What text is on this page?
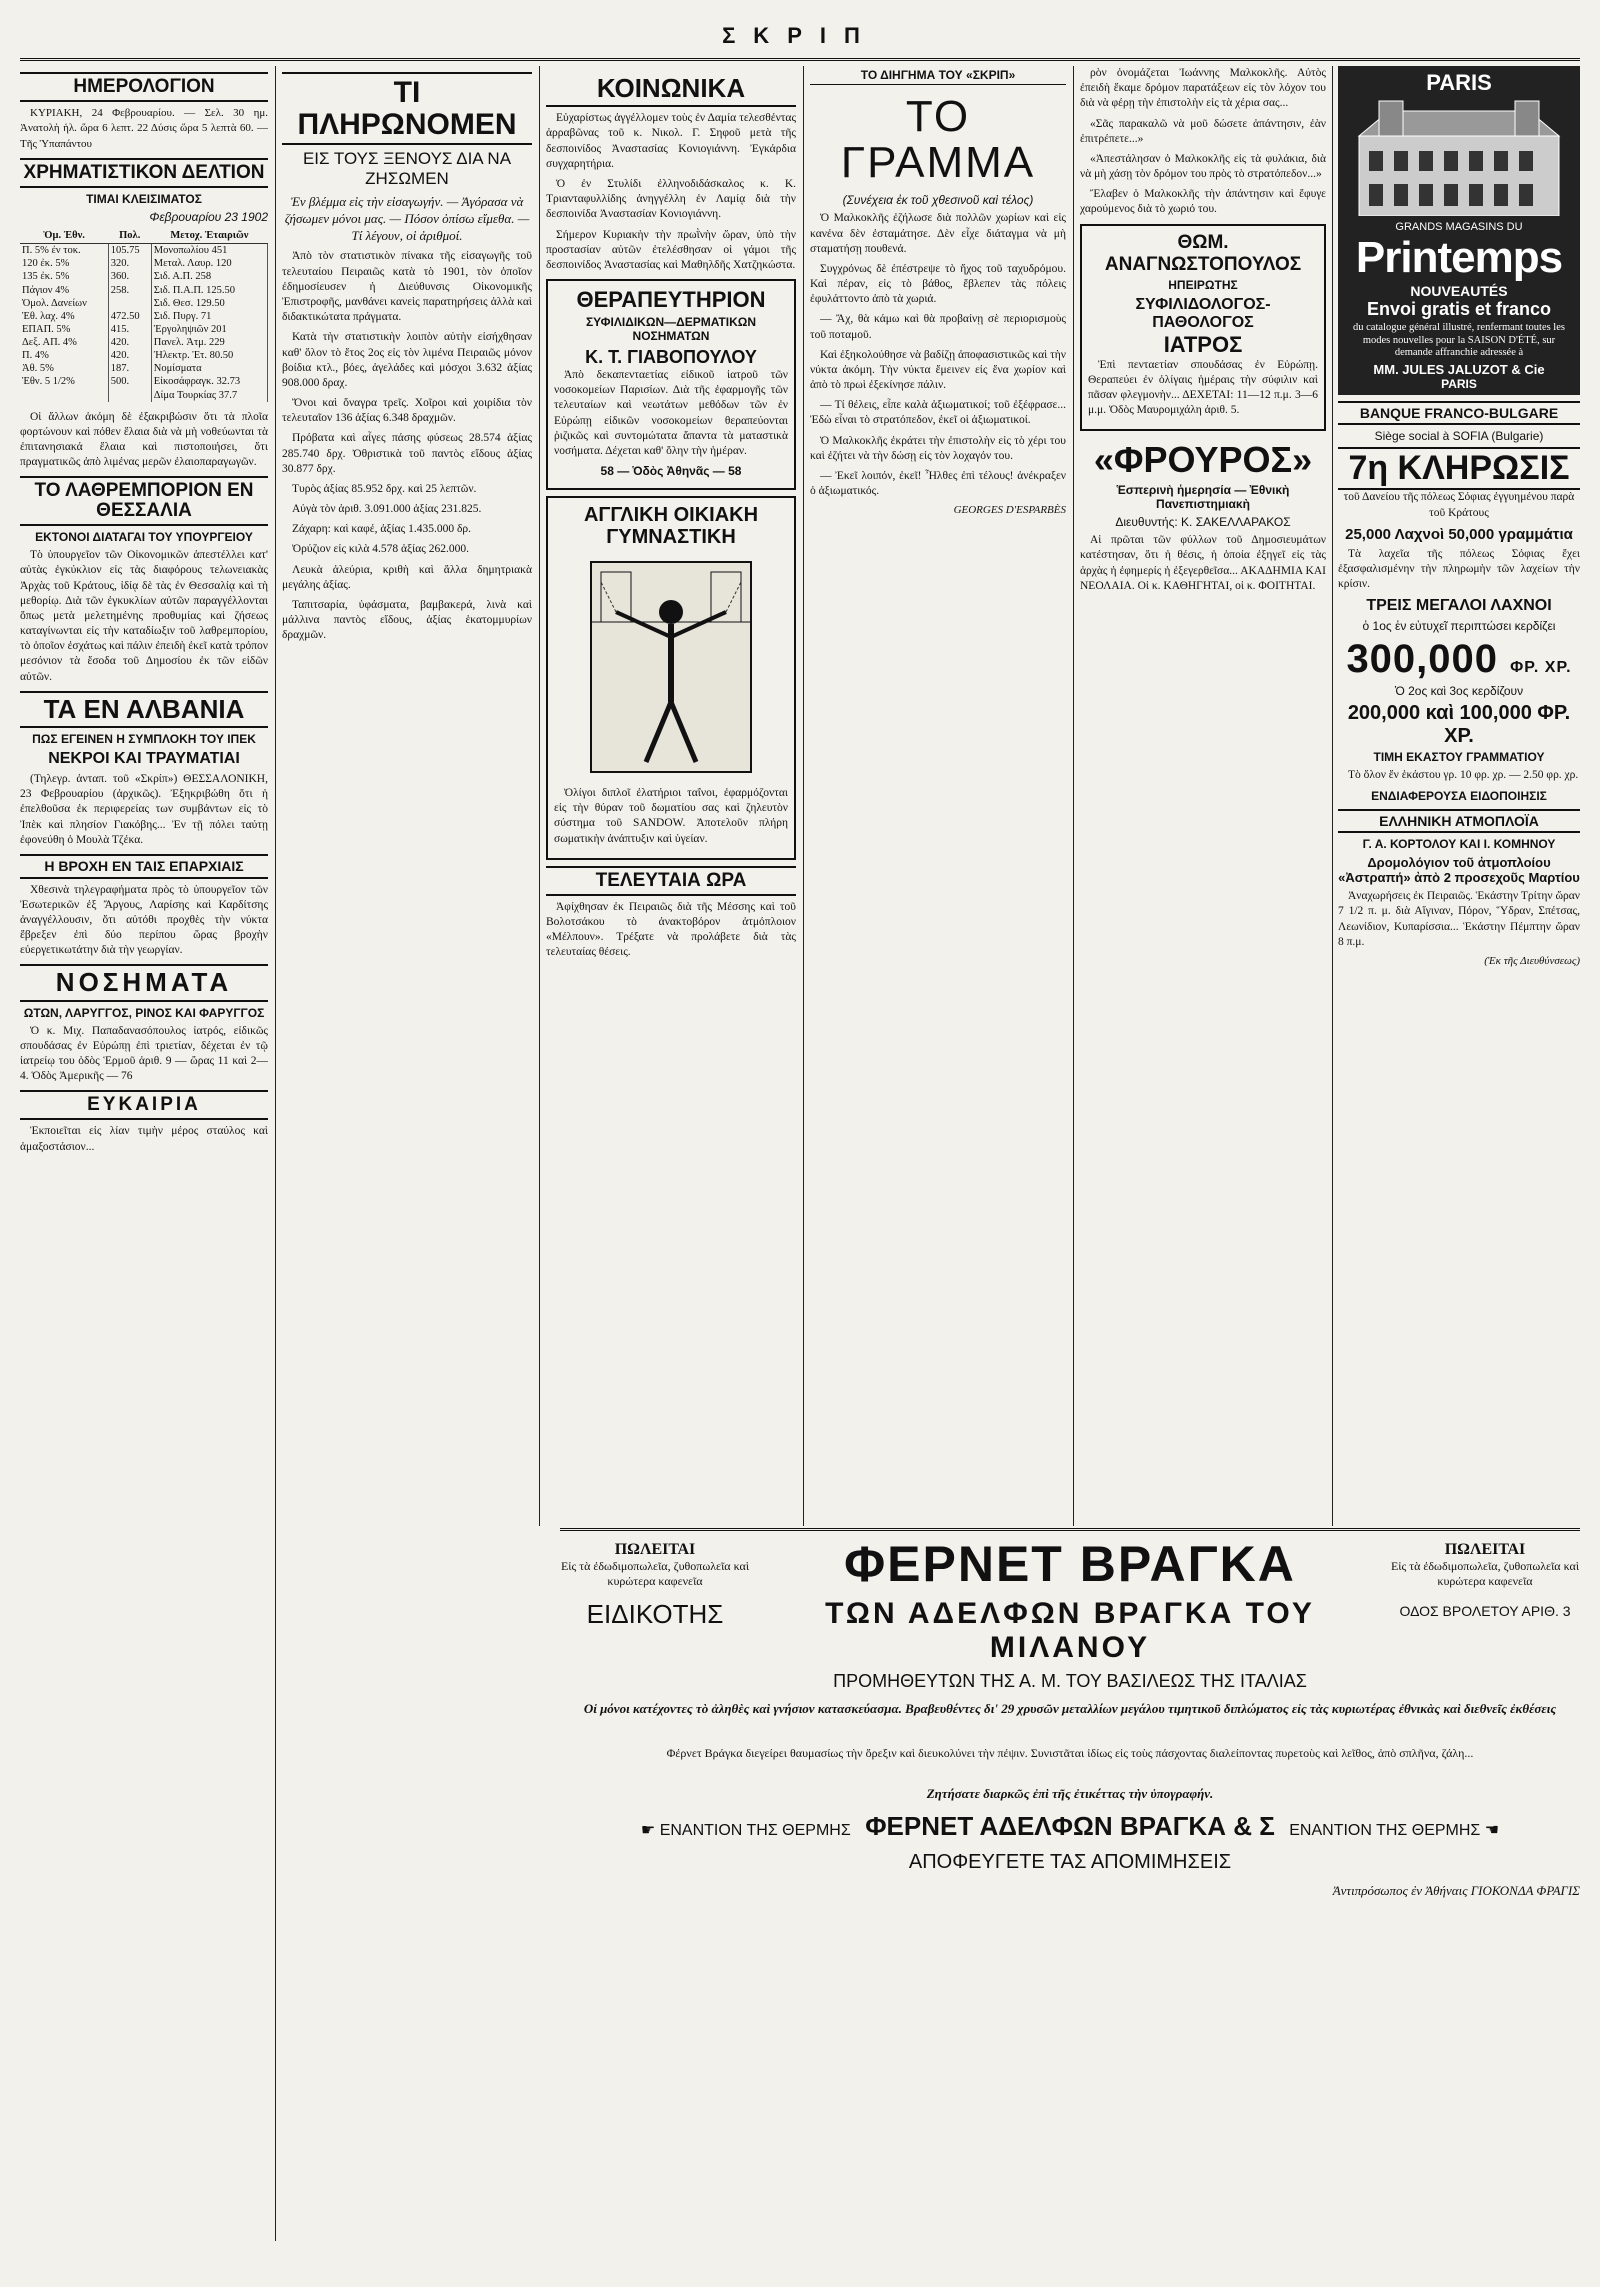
ΣΚΡΙΠ
ΗΜΕΡΟΛΟΓΙΟΝ

ΚΥΡΙΑΚΗ, 24 Φεβρουαρίου. — Σελ. 30 ημ. Ἀνατολὴ ἡλ. ὥρα 6 λεπτ. 22 Δύσις ὥρα 5 λεπτὰ 60. — Τῆς Ὑπαπάντου

ΧΡΗΜΑΤΙΣΤΙΚΟΝ ΔΕΛΤΙΟΝ
ΤΙΜΑΙ ΚΛΕΙΣΙΜΑΤΟΣ
Φεβρουαρίου 23 1902
Ὁμ. Ἐθν.	Πολ.	Μετοχ. Ἑταιριῶν
Π. 5% ἐν τοκ.	105.75	Μονοπωλίου 451
120 ἐκ. 5%	320.	Μεταλ. Λαυρ. 120
135 ἐκ. 5%	360.	Σιδ. Α.Π. 258
Πάγιον 4%	258.	Σιδ. Π.Α.Π. 125.50
Ὁμολ. Δανείων		Σιδ. Θεσ. 129.50
Ἐθ. λαχ. 4%	472.50	Σιδ. Πυργ. 71
ΕΠΑΠ. 5%	415.	Ἐργοληψιῶν 201
Δεξ. ΑΠ. 4%	420.	Πανελ. Ἀτμ. 229
Π. 4%	420.	Ἠλεκτρ. Ἑτ. 80.50
Ἀθ. 5%	187.	Νομίσματα
Ἐθν. 5 1/2%	500.	Εἰκοσάφραγκ. 32.73
		Δίμα Τουρκίας 37.7

Οἱ ἄλλων ἀκόμη δὲ ἐξακριβώσιν ὅτι τὰ πλοῖα φορτώνουν καὶ πόθεν ἔλαια διὰ νὰ μὴ νοθεύωνται τὰ ἐπιτανησιακά ἔλαια καὶ πιστοποιήσει, ὅτι πραγματικῶς ἀπὸ λιμένας μερῶν ἐλαιοπαραγωγῶν.

ΤΟ ΛΑΘΡΕΜΠΟΡΙΟΝ ΕΝ ΘΕΣΣΑΛΙΑ
ΕΚΤΟΝΟΙ ΔΙΑΤΑΓΑΙ ΤΟΥ ΥΠΟΥΡΓΕΙΟΥ

Τὸ ὑπουργεῖον τῶν Οἰκονομικῶν ἀπεστέλλει κατ' αὐτὰς ἐγκύκλιον εἰς τὰς διαφόρους τελωνειακὰς Ἀρχὰς τοῦ Κράτους, ἰδίᾳ δὲ τὰς ἐν Θεσσαλίᾳ καὶ τὴ μεθορίῳ. Διὰ τῶν ἐγκυκλίων αὐτῶν παραγγέλλονται ὅπως μετὰ μελετημένης προθυμίας καὶ ζήσεως καταγίνωνται εἰς τὴν καταδίωξιν τοῦ λαθρεμπορίου, τὸ ὁποῖον ἐσχάτως καὶ πάλιν ἐπειδὴ ἐκεῖ κατὰ τρόπον μεσόνιον τὰ ἔσοδα τοῦ Δημοσίου ἐκ τῶν εἰδῶν αὐτῶν.

ΤΑ ΕΝ ΑΛΒΑΝΙΑ
ΠΩΣ ΕΓΕΙΝΕΝ Η ΣΥΜΠΛΟΚΗ ΤΟΥ ΙΠΕΚ
ΝΕΚΡΟΙ ΚΑΙ ΤΡΑΥΜΑΤΙΑΙ

(Τηλεγρ. ἀνταπ. τοῦ «Σκρίπ») ΘΕΣΣΑΛΟΝΙΚΗ, 23 Φεβρουαρίου (ἀρχικῶς). Ἐξηκριβώθη ὅτι ἡ ἐπελθοῦσα ἐκ περιφερείας των συμβάντων εἰς τὸ Ἰπὲκ καὶ πλησίον Γιακόβης... Ἐν τῇ πόλει ταύτῃ ἐφονεύθη ὁ Μουλὰ Τζέκα.

Η ΒΡΟΧΗ ΕΝ ΤΑΙΣ ΕΠΑΡΧΙΑΙΣ

Χθεσινὰ τηλεγραφήματα πρὸς τὸ ὑπουργεῖον τῶν Ἐσωτερικῶν ἐξ Ἄργους, Λαρίσης καὶ Καρδίτσης ἀναγγέλλουσιν, ὅτι αὐτόθι προχθὲς τὴν νύκτα ἔβρεξεν ἐπὶ δύο περίπου ὥρας βροχὴν εὐεργετικωτάτην διὰ τὴν γεωργίαν.

ΝΟΣΗΜΑΤΑ
ΩΤΩΝ, ΛΑΡΥΓΓΟΣ, ΡΙΝΟΣ ΚΑΙ ΦΑΡΥΓΓΟΣ

Ὁ κ. Μιχ. Παπαδανασόπουλος ἰατρός, εἰδικῶς σπουδάσας ἐν Εὐρώπῃ ἐπὶ τριετίαν, δέχεται ἐν τῷ ἰατρείῳ του ὁδὸς Ἑρμοῦ ἀριθ. 9 — ὥρας 11 καὶ 2—4. Ὁδὸς Ἀμερικῆς — 76

ΕΥΚΑΙΡΙΑ

Ἐκποιεῖται εἰς λίαν τιμὴν μέρος σταύλος καὶ ἀμαξοστάσιον...

ΤΙ ΠΛΗΡΩΝΟΜΕΝ
ΕΙΣ ΤΟΥΣ ΞΕΝΟΥΣ ΔΙΑ ΝΑ ΖΗΣΩΜΕΝ

Ἐν βλέμμα εἰς τὴν εἰσαγωγήν. — Ἀγόρασα νὰ ζήσωμεν μόνοι μας. — Πόσον ὀπίσω εἴμεθα. — Τί λέγουν, οἱ ἀριθμοί.

Ἀπὸ τὸν στατιστικὸν πίνακα τῆς εἰσαγωγῆς τοῦ τελευταίου Πειραιῶς κατὰ τὸ 1901, τὸν ὁποῖον ἐδημοσίευσεν ἡ Διεύθυνσις Οἰκονομικῆς Ἐπιστροφῆς, μανθάνει κανεὶς παρατηρήσεις ἀλλὰ καὶ διδακτικώτατα πράγματα.

Κατὰ τὴν στατιστικὴν λοιπὸν αὐτὴν εἰσήχθησαν καθ' ὅλον τὸ ἔτος 2ος εἰς τὸν λιμένα Πειραιῶς μόνον βοίδια κτλ., βόες, ἀγελάδες καὶ μόσχοι 3.632 ἀξίας 908.000 δραχ.

Ὄνοι καὶ ὄναγρα τρεῖς. Χοῖροι καὶ χοιρίδια τὸν τελευταῖον 136 ἀξίας 6.348 δραχμῶν.

Πρόβατα καὶ αἶγες πάσης φύσεως 28.574 ἀξίας 285.740 δρχ. Ὀθριστικὰ τοῦ παντὸς εἴδους ἀξίας 30.877 δρχ.

Τυρὸς ἀξίας 85.952 δρχ. καὶ 25 λεπτῶν.

Αὐγὰ τὸν ἀριθ. 3.091.000 ἀξίας 231.825.

Ζάχαρη: καὶ καφέ, ἀξίας 1.435.000 δρ.

Ὀρύζιον εἰς κιλὰ 4.578 ἀξίας 262.000.

Λευκὰ ἀλεύρια, κριθὴ καὶ ἄλλα δημητριακὰ μεγάλης ἀξίας.

Ταπιτσαρία, ὑφάσματα, βαμβακερά, λινὰ καὶ μάλλινα παντὸς εἴδους, ἀξίας ἑκατομμυρίων δραχμῶν.

ΚΟΙΝΩΝΙΚΑ

Εὐχαρίστως ἀγγέλλομεν τοὺς ἐν Δαμία τελεσθέντας ἀρραβῶνας τοῦ κ. Νικολ. Γ. Σηφοῦ μετὰ τῆς δεσποινίδος Ἀναστασίας Κονιογιάννη. Ἐγκάρδια συγχαρητήρια.

Ὁ ἐν Στυλίδι ἐλληνοδιδάσκαλος κ. Κ. Τριανταφυλλίδης ἀνηγγέλλη ἐν Λαμίᾳ διὰ τὴν δεσποινίδα Ἀναστασίαν Κονιογιάννη.

Σήμερον Κυριακὴν τὴν πρωῒνὴν ὥραν, ὑπὸ τὴν προστασίαν αὐτῶν ἐτελέσθησαν οἱ γάμοι τῆς δεσποινίδος Ἀναστασίας καὶ Μαθηλδῆς Χατζηκώστα.

ΘΕΡΑΠΕΥΤΗΡΙΟΝ
ΣΥΦΙΛΙΔΙΚΩΝ—ΔΕΡΜΑΤΙΚΩΝ ΝΟΣΗΜΑΤΩΝ
Κ. Τ. ΓΙΑΒΟΠΟΥΛΟΥ

Ἀπὸ δεκαπενταετίας εἰδικοῦ ἰατροῦ τῶν νοσοκομείων Παρισίων. Διὰ τῆς ἐφαρμογῆς τῶν τελευταίων καὶ νεωτάτων μεθόδων τῶν ἐν Εὐρώπῃ εἰδικῶν νοσοκομείων θεραπεύονται ῥιζικῶς καὶ συντομώτατα ἅπαντα τὰ ματαστικὰ νοσήματα. Δέχεται καθ' ὅλην τὴν ἡμέραν.

58 — Ὁδὸς Ἀθηνᾶς — 58
ΑΓΓΛΙΚΗ ΟΙΚΙΑΚΗ ΓΥΜΝΑΣΤΙΚΗ

Ὀλίγοι διπλοῖ ἐλατήριοι ταΐνοι, ἐφαρμόζονται εἰς τὴν θύραν τοῦ δωματίου σας καὶ ζηλευτὸν σύστημα τοῦ SANDOW. Ἀποτελοῦν πλήρη σωματικὴν ἀνάπτυξιν καὶ ὑγείαν.

ΤΕΛΕΥΤΑΙΑ ΩΡΑ

Ἀφίχθησαν ἐκ Πειραιῶς διὰ τῆς Μέσσης καὶ τοῦ Βολοτσάκου τὸ ἀνακτοβόρον ἀτμόπλοιον «Μέλπουν». Τρέξατε νὰ προλάβετε διὰ τὰς τελευταίας θέσεις.

ΤΟ ΔΙΗΓΗΜΑ ΤΟΥ «ΣΚΡΙΠ»
ΤΟ ΓΡΑΜΜΑ
(Συνέχεια ἐκ τοῦ χθεσινοῦ καὶ τέλος)

Ὁ Μαλκοκλῆς ἐζήλωσε διὰ πολλῶν χωρίων καὶ εἰς κανένα δὲν ἐσταμάτησε. Δὲν εἶχε διάταγμα νὰ μὴ σταματήσῃ πουθενά.

Συγχρόνως δὲ ἐπέστρεψε τὸ ἤχος τοῦ ταχυδρόμου. Καὶ πέραν, εἰς τὸ βάθος, ἔβλεπεν τὰς πόλεις ἐφυλάττοντο ἀπὸ τὰ χωριά.

— Ἄχ, θὰ κάμω καὶ θὰ προβαίνῃ σὲ περιορισμοὺς τοῦ ποταμοῦ.

Καὶ ἐξηκολούθησε νὰ βαδίζῃ ἀποφασιστικῶς καὶ τὴν νύκτα ἀκόμη. Τὴν νύκτα ἔμεινεν εἰς ἕνα χωρίον καὶ ἀπὸ τὸ πρωὶ ἐξεκίνησε πάλιν.

— Τί θέλεις, εἶπε καλὰ ἀξιωματικοί; τοῦ ἐξέφρασε... Ἐδὼ εἶναι τὸ στρατόπεδον, ἐκεῖ οἱ ἀξιωματικοί.

Ὁ Μαλκοκλῆς ἐκράτει τὴν ἐπιστολὴν εἰς τὸ χέρι του καὶ ἐζήτει νὰ τὴν δώσῃ εἰς τὸν λοχαγόν του.

— Ἐκεῖ λοιπόν, ἐκεῖ! Ἦλθες ἐπὶ τέλους! ἀνέκραξεν ὁ ἀξιωματικός.

GEORGES D'ESPARBÈS

ρὸν ὀνομάζεται Ἰωάννης Μαλκοκλῆς. Αὐτὸς ἐπειδὴ ἔκαμε δρόμον παρατάξεων εἰς τὸν λόχον του διὰ νὰ φέρῃ τὴν ἐπιστολὴν εἰς τὰ χέρια σας...

«Σᾶς παρακαλῶ νὰ μοῦ δώσετε ἀπάντησιν, ἐὰν ἐπιτρέπετε...»

«Ἀπεστάλησαν ὁ Μαλκοκλῆς εἰς τὰ φυλάκια, διὰ νὰ μὴ χάσῃ τὸν δρόμον του πρὸς τὸ στρατόπεδον...»

Ἔλαβεν ὁ Μαλκοκλῆς τὴν ἀπάντησιν καὶ ἔφυγε χαρούμενος διὰ τὸ χωριό του.

ΘΩΜ. ΑΝΑΓΝΩΣΤΟΠΟΥΛΟΣ
ΗΠΕΙΡΩΤΗΣ
ΣΥΦΙΛΙΔΟΛΟΓΟΣ-ΠΑΘΟΛΟΓΟΣ
ΙΑΤΡΟΣ

Ἐπὶ πενταετίαν σπουδάσας ἐν Εὐρώπῃ. Θεραπεύει ἐν ὀλίγαις ἡμέραις τὴν σύφιλιν καὶ πᾶσαν φλεγμονὴν... ΔΕΧΕΤΑΙ: 11—12 π.μ. 3—6 μ.μ. Ὁδὸς Μαυρομιχάλη ἀριθ. 5.

«ΦΡΟΥΡΟΣ»
Ἑσπερινὴ ἡμερησία — Ἐθνικὴ Πανεπιστημιακὴ
Διευθυντής: Κ. ΣΑΚΕΛΛΑΡΑΚΟΣ

Αἱ πρῶται τῶν φύλλων τοῦ Δημοσιευμάτων κατέστησαν, ὅτι ἡ θέσις, ἡ ὁποία ἐξηγεῖ εἰς τὰς ἀρχὰς ἡ ἐφημερίς ἡ ἐξεγερθεῖσα... ΑΚΑΔΗΜΙΑ ΚΑΙ ΝΕΟΛΑΙΑ. Οἱ κ. ΚΑΘΗΓΗΤΑΙ, οἱ κ. ΦΟΙΤΗΤΑΙ.

PARIS
GRANDS MAGASINS DU
Printemps
NOUVEAUTÉS
Envoi gratis et franco
du catalogue général illustré, renfermant toutes les modes nouvelles pour la SAISON D'ÉTÉ, sur demande affranchie adressée à
MM. JULES JALUZOT & Cie
PARIS
BANQUE FRANCO-BULGARE
Siège social à SOFIA (Bulgarie)
7η ΚΛΗΡΩΣΙΣ

τοῦ Δανείου τῆς πόλεως Σόφιας ἐγγυημένου παρὰ τοῦ Κράτους

25,000 Λαχνοὶ 50,000 γραμμάτια

Τὰ λαχεῖα τῆς πόλεως Σόφιας ἔχει ἐξασφαλισμένην τὴν πληρωμὴν τῶν λαχείων τὴν κρίσιν.

ΤΡΕΙΣ ΜΕΓΑΛΟΙ ΛΑΧΝΟΙ
ὁ 1ος ἐν εὐτυχεῖ περιπτώσει κερδίζει
300,000 ΦΡ. ΧΡ.
Ὁ 2ος καὶ 3ος κερδίζουν
200,000 καὶ 100,000 ΦΡ. ΧΡ.
ΤΙΜΗ ΕΚΑΣΤΟΥ ΓΡΑΜΜΑΤΙΟΥ

Τὸ ὅλον ἕν ἑκάστου γρ. 10 φρ. χρ. — 2.50 φρ. χρ.

ΕΝΔΙΑΦΕΡΟΥΣΑ ΕΙΔΟΠΟΙΗΣΙΣ
ΕΛΛΗΝΙΚΗ ΑΤΜΟΠΛΟΪΑ
Γ. Α. ΚΟΡΤΟΛΟΥ ΚΑΙ Ι. ΚΟΜΗΝΟΥ
Δρομολόγιον τοῦ ἀτμοπλοίου «Ἀστραπή» ἀπὸ 2 προσεχοῦς Μαρτίου

Ἀναχωρήσεις ἐκ Πειραιῶς. Ἑκάστην Τρίτην ὥραν 7 1/2 π. μ. διὰ Αἴγιναν, Πόρον, Ὕδραν, Σπέτσας, Λεωνίδιον, Κυπαρίσσια... Ἑκάστην Πέμπτην ὥραν 8 π.μ.

(Ἐκ τῆς Διευθύνσεως)
ΠΩΛΕΙΤΑΙ
Εἰς τὰ ἐδωδιμοπωλεῖα, ζυθοπωλεῖα καὶ κυρώτερα καφενεῖα
ΕΙΔΙΚΟΤΗΣ
ΦΕΡΝΕΤ ΒΡΑΓΚΑ
ΤΩΝ ΑΔΕΛΦΩΝ ΒΡΑΓΚΑ ΤΟΥ ΜΙΛΑΝΟΥ
ΠΡΟΜΗΘΕΥΤΩΝ ΤΗΣ Α. Μ. ΤΟΥ ΒΑΣΙΛΕΩΣ ΤΗΣ ΙΤΑΛΙΑΣ
ΠΩΛΕΙΤΑΙ
Εἰς τὰ ἐδωδιμοπωλεῖα, ζυθοπωλεῖα καὶ κυρώτερα καφενεῖα
ΟΔΟΣ ΒΡΟΛΕΤΟΥ ΑΡΙΘ. 3
Οἱ μόνοι κατέχοντες τὸ ἀληθὲς καὶ γνήσιον κατασκεύασμα. Βραβευθέντες δι' 29 χρυσῶν μεταλλίων μεγάλου τιμητικοῦ διπλώματος εἰς τὰς κυριωτέρας ἐθνικὰς καὶ διεθνεῖς ἐκθέσεις
Φέρνετ Βράγκα διεγείρει θαυμασίως τὴν ὄρεξιν καὶ διευκολύνει τὴν πέψιν. Συνιστᾶται ἰδίως εἰς τοὺς πάσχοντας διαλείποντας πυρετοὺς καὶ λεῖθος, ἀπὸ σπλῆνα, ζάλη...
Ζητήσατε διαρκῶς ἐπὶ τῆς ἐτικέττας τὴν ὑπογραφήν.
☛ ΕΝΑΝΤΙΟΝ ΤΗΣ ΘΕΡΜΗΣ ΦΕΡΝΕΤ ΑΔΕΛΦΩΝ ΒΡΑΓΚΑ & Σ ΕΝΑΝΤΙΟΝ ΤΗΣ ΘΕΡΜΗΣ ☚
ΑΠΟΦΕΥΓΕΤΕ ΤΑΣ ΑΠΟΜΙΜΗΣΕΙΣ
Ἀντιπρόσωπος ἐν Ἀθήναις ΓΙΟΚΟΝΔΑ ΦΡΑΓΙΣ
